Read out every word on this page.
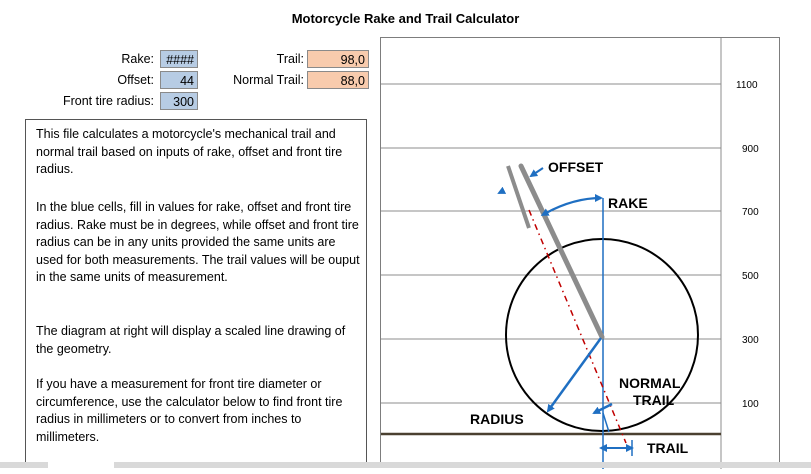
Motorcycle Rake and Trail Calculator
Rake: ####
Offset:	44
Front tire radius:	300
Trail:	98,0
Normal Trail:	88,0

This file calculates a motorcycle's mechanical trail and normal trail based on inputs of rake, offset and front tire radius.

In the blue cells, fill in values for rake, offset and front tire radius. Rake must be in degrees, while offset and front tire radius can be in any units provided the same units are used for both measurements. The trail values will be ouput in the same units of measurement.

The diagram at right will display a scaled line drawing of the geometry.

If you have a measurement for front tire diameter or circumference, use the calculator below to find front tire radius in millimeters or to convert from inches to millimeters.

1100
900
700
500
300
100
OFFSET
RAKE
NORMAL
TRAIL
RADIUS
TRAIL
